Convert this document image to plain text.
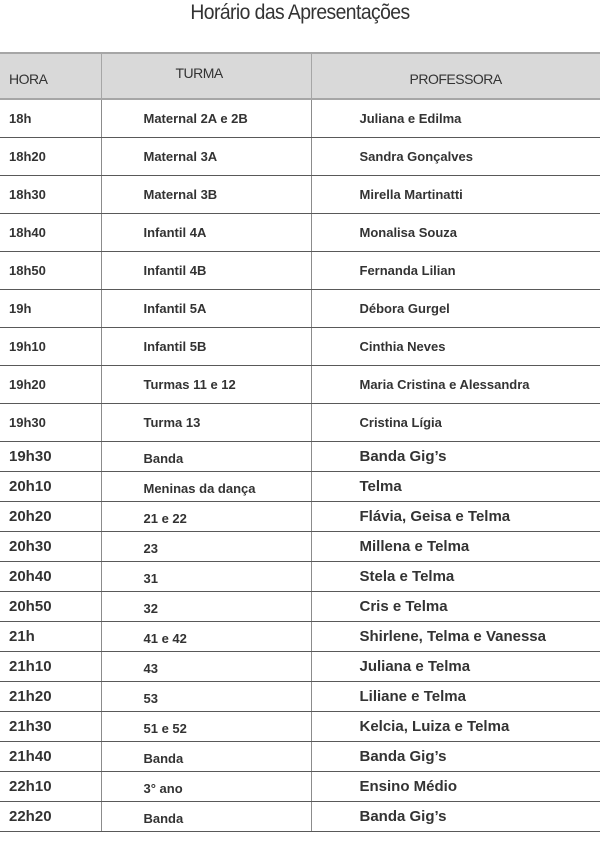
Horário das Apresentações
HORA	TURMA	PROFESSORA
18h	Maternal 2A e 2B	Juliana e Edilma
18h20	Maternal 3A	Sandra Gonçalves
18h30	Maternal 3B	Mirella Martinatti
18h40	Infantil 4A	Monalisa Souza
18h50	Infantil 4B	Fernanda Lilian
19h	Infantil 5A	Débora Gurgel
19h10	Infantil 5B	Cinthia Neves
19h20	Turmas 11 e 12	Maria Cristina e Alessandra
19h30	Turma 13	Cristina Lígia
19h30	Banda	Banda Gig’s
20h10	Meninas da dança	Telma
20h20	21 e 22	Flávia, Geisa e Telma
20h30	23	Millena e Telma
20h40	31	Stela e Telma
20h50	32	Cris e Telma
21h	41 e 42	Shirlene, Telma e Vanessa
21h10	43	Juliana e Telma
21h20	53	Liliane e Telma
21h30	51 e 52	Kelcia, Luiza e Telma
21h40	Banda	Banda Gig’s
22h10	3° ano	Ensino Médio
22h20	Banda	Banda Gig’s
